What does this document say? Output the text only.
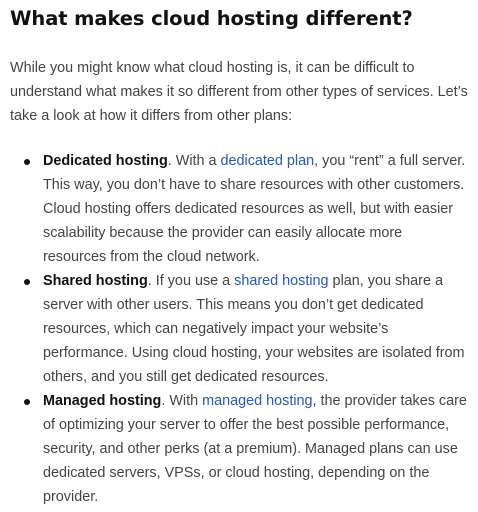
What makes cloud hosting different?

While you might know what cloud hosting is, it can be difficult to understand what makes it so different from other types of services. Let’s take a look at how it differs from other plans:

Dedicated hosting. With a dedicated plan, you “rent” a full server. This way, you don’t have to share resources with other customers. Cloud hosting offers dedicated resources as well, but with easier scalability because the provider can easily allocate more resources from the cloud network.
Shared hosting. If you use a shared hosting plan, you share a server with other users. This means you don’t get dedicated resources, which can negatively impact your website’s performance. Using cloud hosting, your websites are isolated from others, and you still get dedicated resources.
Managed hosting. With managed hosting, the provider takes care of optimizing your server to offer the best possible performance, security, and other perks (at a premium). Managed plans can use dedicated servers, VPSs, or cloud hosting, depending on the provider.
